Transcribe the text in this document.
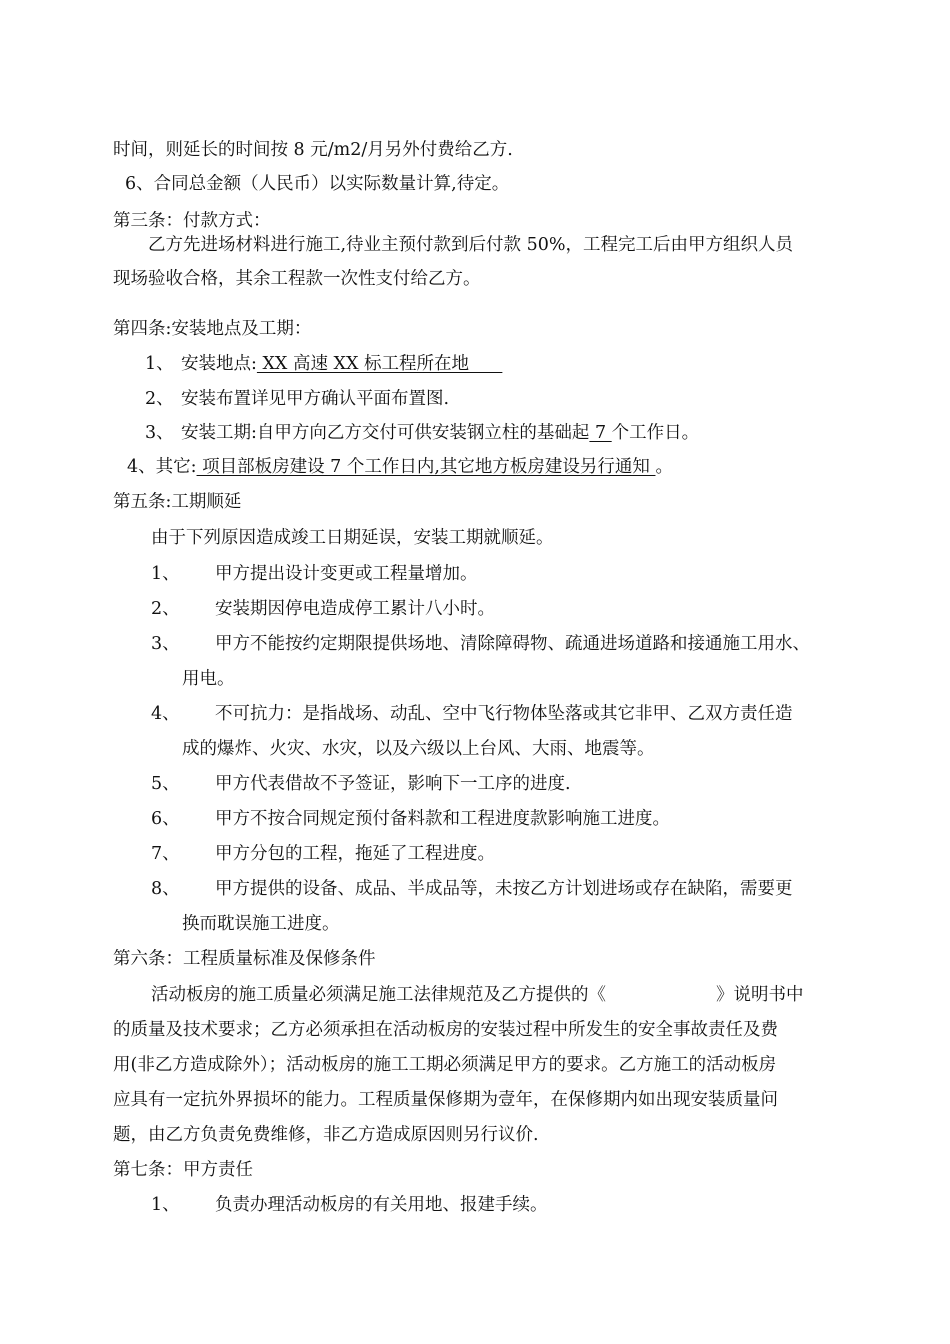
时间，则延长的时间按 8 元/m2/月另外付费给乙方.
6、合同总金额（人民币）以实际数量计算,待定。
第三条：付款方式：
乙方先进场材料进行施工,待业主预付款到后付款 50%，工程完工后由甲方组织人员
现场验收合格，其余工程款一次性支付给乙方。
第四条:安装地点及工期：
1、 安装地点: XX 高速 XX 标工程所在地
2、 安装布置详见甲方确认平面布置图.
3、 安装工期:自甲方向乙方交付可供安装钢立柱的基础起 7 个工作日。
4、其它: 项目部板房建设 7 个工作日内,其它地方板房建设另行通知 。
第五条:工期顺延
由于下列原因造成竣工日期延误，安装工期就顺延。
1、 甲方提出设计变更或工程量增加。
2、 安装期因停电造成停工累计八小时。
3、 甲方不能按约定期限提供场地、清除障碍物、疏通进场道路和接通施工用水、
用电。
4、 不可抗力：是指战场、动乱、空中飞行物体坠落或其它非甲、乙双方责任造
成的爆炸、火灾、水灾，以及六级以上台风、大雨、地震等。
5、 甲方代表借故不予签证，影响下一工序的进度.
6、 甲方不按合同规定预付备料款和工程进度款影响施工进度。
7、 甲方分包的工程，拖延了工程进度。
8、 甲方提供的设备、成品、半成品等，未按乙方计划进场或存在缺陷，需要更
换而耽误施工进度。
第六条：工程质量标准及保修条件
活动板房的施工质量必须满足施工法律规范及乙方提供的《	》说明书中
的质量及技术要求；乙方必须承担在活动板房的安装过程中所发生的安全事故责任及费
用(非乙方造成除外）；活动板房的施工工期必须满足甲方的要求。乙方施工的活动板房
应具有一定抗外界损坏的能力。工程质量保修期为壹年，在保修期内如出现安装质量问
题，由乙方负责免费维修，非乙方造成原因则另行议价.
第七条：甲方责任
1、 负责办理活动板房的有关用地、报建手续。
